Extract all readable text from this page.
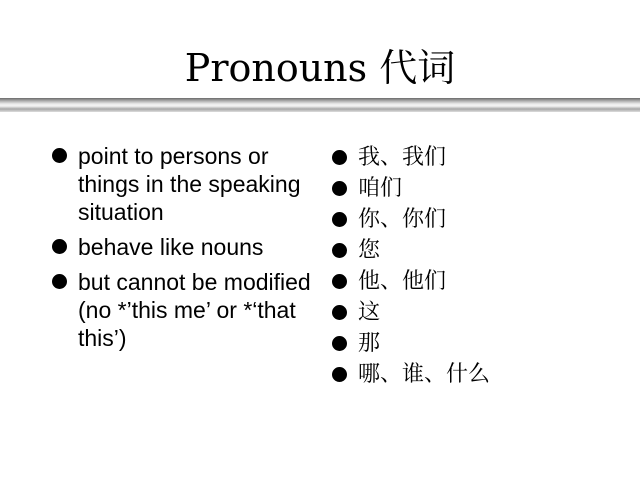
Pronouns 代词
point to persons or things in the speaking situation
behave like nouns
but cannot be modified (no *’this me’ or *‘that this’)
我、我们
咱们
你、你们
您
他、他们
这
那
哪、谁、什么
